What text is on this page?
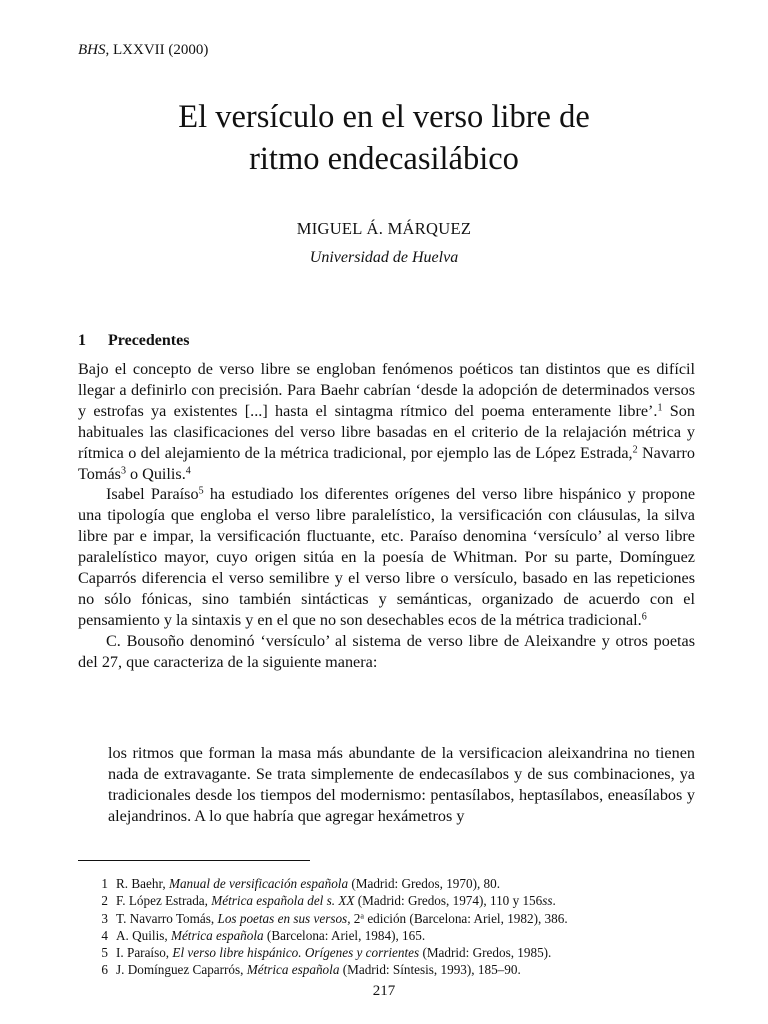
BHS, LXXVII (2000)
El versículo en el verso libre de
ritmo endecasilábico
MIGUEL Á. MÁRQUEZ
Universidad de Huelva
1 Precedentes

Bajo el concepto de verso libre se engloban fenómenos poéticos tan distintos que es difícil llegar a definirlo con precisión. Para Baehr cabrían ‘desde la adopción de determinados versos y estrofas ya existentes [...] hasta el sintagma rítmico del poema enteramente libre’.$^1$ Son habituales las clasificaciones del verso libre basadas en el criterio de la relajación métrica y rítmica o del alejamiento de la métrica tradicional, por ejemplo las de López Estrada,$^2$ Navarro Tomás$^3$ o Quilis.$^4$

Isabel Paraíso$^5$ ha estudiado los diferentes orígenes del verso libre hispánico y propone una tipología que engloba el verso libre paralelístico, la versificación con cláusulas, la silva libre par e impar, la versificación fluctuante, etc. Paraíso denomina ‘versículo’ al verso libre paralelístico mayor, cuyo origen sitúa en la poesía de Whitman. Por su parte, Domínguez Caparrós diferencia el verso semilibre y el verso libre o versículo, basado en las repeticiones no sólo fónicas, sino también sintácticas y semánticas, organizado de acuerdo con el pensamiento y la sintaxis y en el que no son desechables ecos de la métrica tradicional.$^6$

C. Bousoño denominó ‘versículo’ al sistema de verso libre de Aleixandre y otros poetas del 27, que caracteriza de la siguiente manera:

los ritmos que forman la masa más abundante de la versificacion aleixandrina no tienen nada de extravagante. Se trata simplemente de endecasílabos y de sus combinaciones, ya tradicionales desde los tiempos del modernismo: pentasílabos, heptasílabos, eneasílabos y alejandrinos. A lo que habría que agregar hexámetros y
1 R. Baehr, Manual de versificación española (Madrid: Gredos, 1970), 80.
2 F. López Estrada, Métrica española del s. XX (Madrid: Gredos, 1974), 110 y 156ss.
3 T. Navarro Tomás, Los poetas en sus versos, 2$^a$ edición (Barcelona: Ariel, 1982), 386.
4 A. Quilis, Métrica española (Barcelona: Ariel, 1984), 165.
5 I. Paraíso, El verso libre hispánico. Orígenes y corrientes (Madrid: Gredos, 1985).
6 J. Domínguez Caparrós, Métrica española (Madrid: Síntesis, 1993), 185–90.
217
